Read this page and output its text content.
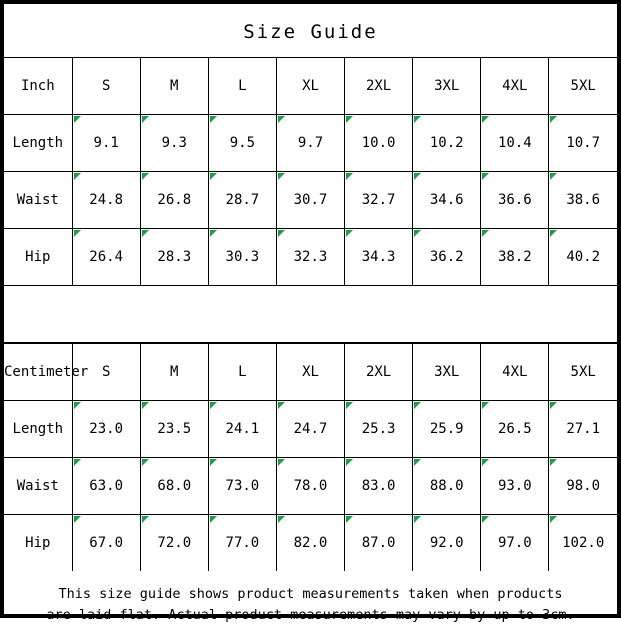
Size Guide
Inch	S	M	L	XL	2XL	3XL	4XL	5XL
Length	9.1	9.3	9.5	9.7	10.0	10.2	10.4	10.7
Waist	24.8	26.8	28.7	30.7	32.7	34.6	36.6	38.6
Hip	26.4	28.3	30.3	32.3	34.3	36.2	38.2	40.2
Centimeter	S	M	L	XL	2XL	3XL	4XL	5XL
Length	23.0	23.5	24.1	24.7	25.3	25.9	26.5	27.1
Waist	63.0	68.0	73.0	78.0	83.0	88.0	93.0	98.0
Hip	67.0	72.0	77.0	82.0	87.0	92.0	97.0	102.0
This size guide shows product measurements taken when products
are laid flat. Actual product measurements may vary by up to 3cm.
